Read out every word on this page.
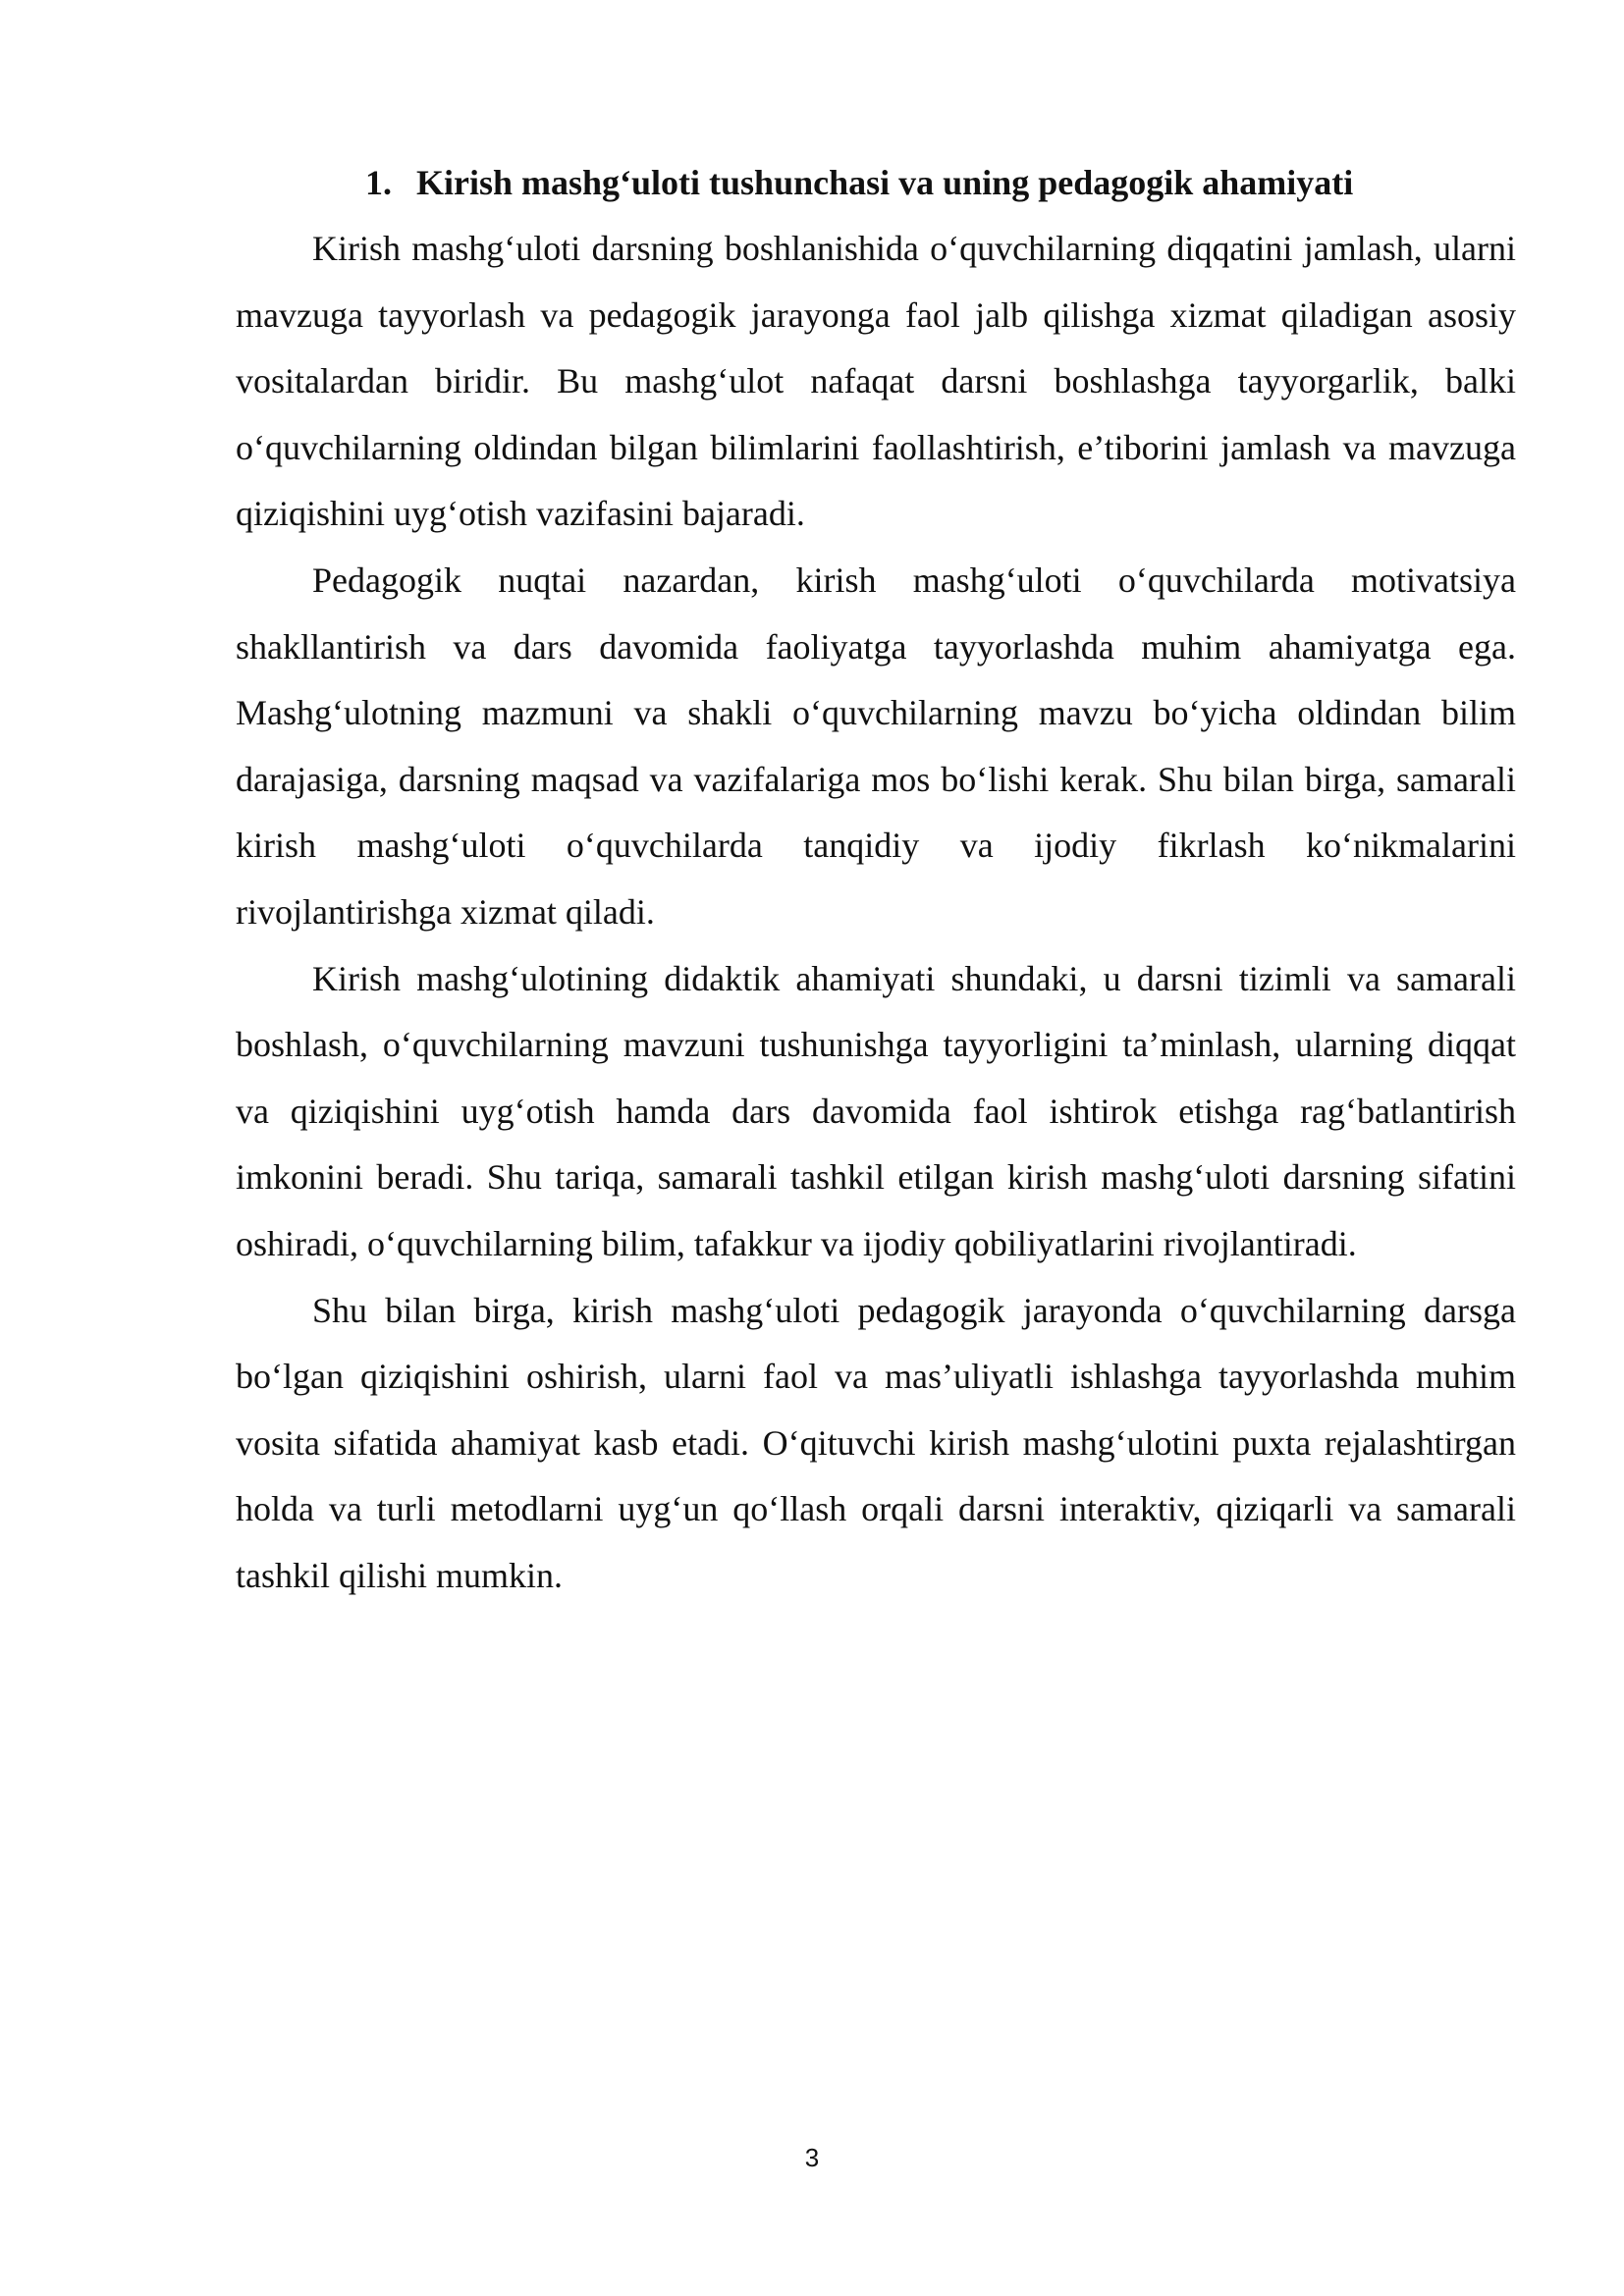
1. Kirish mashg‘uloti tushunchasi va uning pedagogik ahamiyati

Kirish mashg‘uloti darsning boshlanishida o‘quvchilarning diqqatini jamlash, ularni mavzuga tayyorlash va pedagogik jarayonga faol jalb qilishga xizmat qiladigan asosiy vositalardan biridir. Bu mashg‘ulot nafaqat darsni boshlashga tayyorgarlik, balki o‘quvchilarning oldindan bilgan bilimlarini faollashtirish, e’tiborini jamlash va mavzuga qiziqishini uyg‘otish vazifasini bajaradi.

Pedagogik nuqtai nazardan, kirish mashg‘uloti o‘quvchilarda motivatsiya shakllantirish va dars davomida faoliyatga tayyorlashda muhim ahamiyatga ega. Mashg‘ulotning mazmuni va shakli o‘quvchilarning mavzu bo‘yicha oldindan bilim darajasiga, darsning maqsad va vazifalariga mos bo‘lishi kerak. Shu bilan birga, samarali kirish mashg‘uloti o‘quvchilarda tanqidiy va ijodiy fikrlash ko‘nikmalarini rivojlantirishga xizmat qiladi.

Kirish mashg‘ulotining didaktik ahamiyati shundaki, u darsni tizimli va samarali boshlash, o‘quvchilarning mavzuni tushunishga tayyorligini ta’minlash, ularning diqqat va qiziqishini uyg‘otish hamda dars davomida faol ishtirok etishga rag‘batlantirish imkonini beradi. Shu tariqa, samarali tashkil etilgan kirish mashg‘uloti darsning sifatini oshiradi, o‘quvchilarning bilim, tafakkur va ijodiy qobiliyatlarini rivojlantiradi.

Shu bilan birga, kirish mashg‘uloti pedagogik jarayonda o‘quvchilarning darsga bo‘lgan qiziqishini oshirish, ularni faol va mas’uliyatli ishlashga tayyorlashda muhim vosita sifatida ahamiyat kasb etadi. O‘qituvchi kirish mashg‘ulotini puxta rejalashtirgan holda va turli metodlarni uyg‘un qo‘llash orqali darsni interaktiv, qiziqarli va samarali tashkil qilishi mumkin.

3
